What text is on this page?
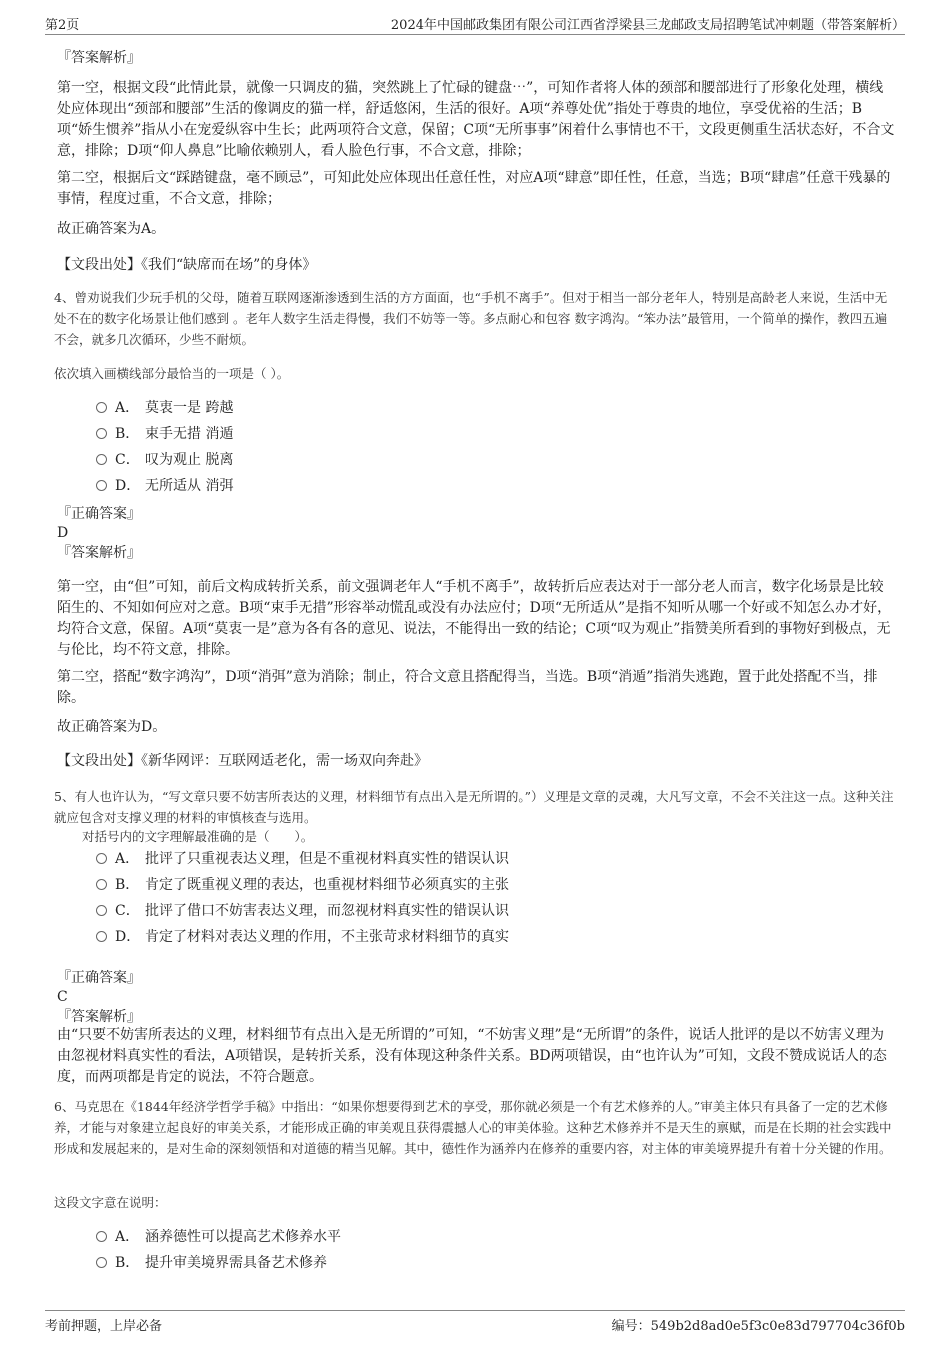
第2页	2024年中国邮政集团有限公司江西省浮梁县三龙邮政支局招聘笔试冲刺题（带答案解析）
『答案解析』
第一空，根据文段“此情此景，就像一只调皮的猫，突然跳上了忙碌的键盘⋯”，可知作者将人体的颈部和腰部进行了形象化处理，横线处应体现出“颈部和腰部”生活的像调皮的猫一样，舒适悠闲，生活的很好。A项“养尊处优”指处于尊贵的地位，享受优裕的生活；B项“娇生惯养”指从小在宠爱纵容中生长；此两项符合文意，保留；C项“无所事事”闲着什么事情也不干，文段更侧重生活状态好，不合文意，排除；D项“仰人鼻息”比喻依赖别人，看人脸色行事，不合文意，排除；
第二空，根据后文“踩踏键盘，毫不顾忌”，可知此处应体现出任意任性，对应A项“肆意”即任性，任意，当选；B项“肆虐”任意干残暴的事情，程度过重，不合文意，排除；
故正确答案为A。
【文段出处】《我们“缺席而在场”的身体》
4、曾劝说我们少玩手机的父母，随着互联网逐渐渗透到生活的方方面面，也“手机不离手”。但对于相当一部分老年人，特别是高龄老人来说，生活中无处不在的数字化场景让他们感到 。老年人数字生活走得慢，我们不妨等一等。多点耐心和包容 数字鸿沟。“笨办法”最管用，一个简单的操作，教四五遍不会，就多几次循环，少些不耐烦。
依次填入画横线部分最恰当的一项是（ ）。
A． 莫衷一是 跨越
B． 束手无措 消遁
C． 叹为观止 脱离
D． 无所适从 消弭
『正确答案』
D
『答案解析』
第一空，由“但”可知，前后文构成转折关系，前文强调老年人“手机不离手”，故转折后应表达对于一部分老人而言，数字化场景是比较陌生的、不知如何应对之意。B项“束手无措”形容举动慌乱或没有办法应付；D项“无所适从”是指不知听从哪一个好或不知怎么办才好，均符合文意，保留。A项“莫衷一是”意为各有各的意见、说法，不能得出一致的结论；C项“叹为观止”指赞美所看到的事物好到极点，无与伦比，均不符文意，排除。
第二空，搭配“数字鸿沟”，D项“消弭”意为消除；制止，符合文意且搭配得当，当选。B项“消遁”指消失逃跑，置于此处搭配不当，排除。
故正确答案为D。
【文段出处】《新华网评：互联网适老化，需一场双向奔赴》
5、有人也许认为，“写文章只要不妨害所表达的义理，材料细节有点出入是无所谓的。”）义理是文章的灵魂，大凡写文章，不会不关注这一点。这种关注就应包含对支撑义理的材料的审慎核查与选用。
对括号内的文字理解最准确的是（　　）。
A． 批评了只重视表达义理，但是不重视材料真实性的错误认识
B． 肯定了既重视义理的表达，也重视材料细节必须真实的主张
C． 批评了借口不妨害表达义理，而忽视材料真实性的错误认识
D． 肯定了材料对表达义理的作用，不主张苛求材料细节的真实
『正确答案』
C
『答案解析』
由“只要不妨害所表达的义理，材料细节有点出入是无所谓的”可知，“不妨害义理”是“无所谓”的条件，说话人批评的是以不妨害义理为由忽视材料真实性的看法，A项错误，是转折关系，没有体现这种条件关系。BD两项错误，由“也许认为”可知，文段不赞成说话人的态度，而两项都是肯定的说法，不符合题意。
6、马克思在《1844年经济学哲学手稿》中指出：“如果你想要得到艺术的享受，那你就必须是一个有艺术修养的人。”审美主体只有具备了一定的艺术修养，才能与对象建立起良好的审美关系，才能形成正确的审美观且获得震撼人心的审美体验。这种艺术修养并不是天生的禀赋，而是在长期的社会实践中形成和发展起来的，是对生命的深刻领悟和对道德的精当见解。其中，德性作为涵养内在修养的重要内容，对主体的审美境界提升有着十分关键的作用。
这段文字意在说明：
A． 涵养德性可以提高艺术修养水平
B． 提升审美境界需具备艺术修养
考前押题，上岸必备	编号：549b2d8ad0e5f3c0e83d797704c36f0b
